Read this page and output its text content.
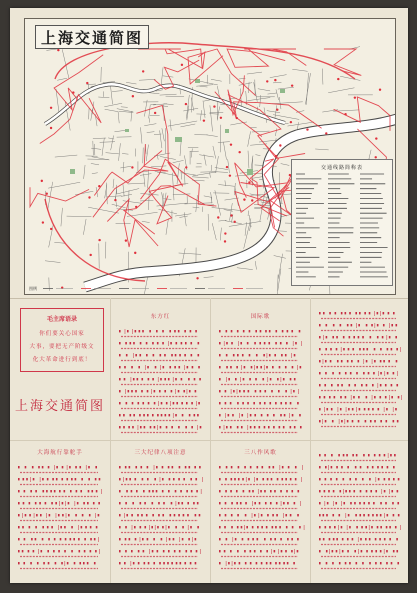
上海交通简图
交通线路简称表
图例
毛主席语录
你们要关心国家
大事，要把无产阶级文
化大革命进行到底！
上海交通简图
东方红	国际歌
大海航行靠舵手	三大纪律八项注意	三八作风歌
